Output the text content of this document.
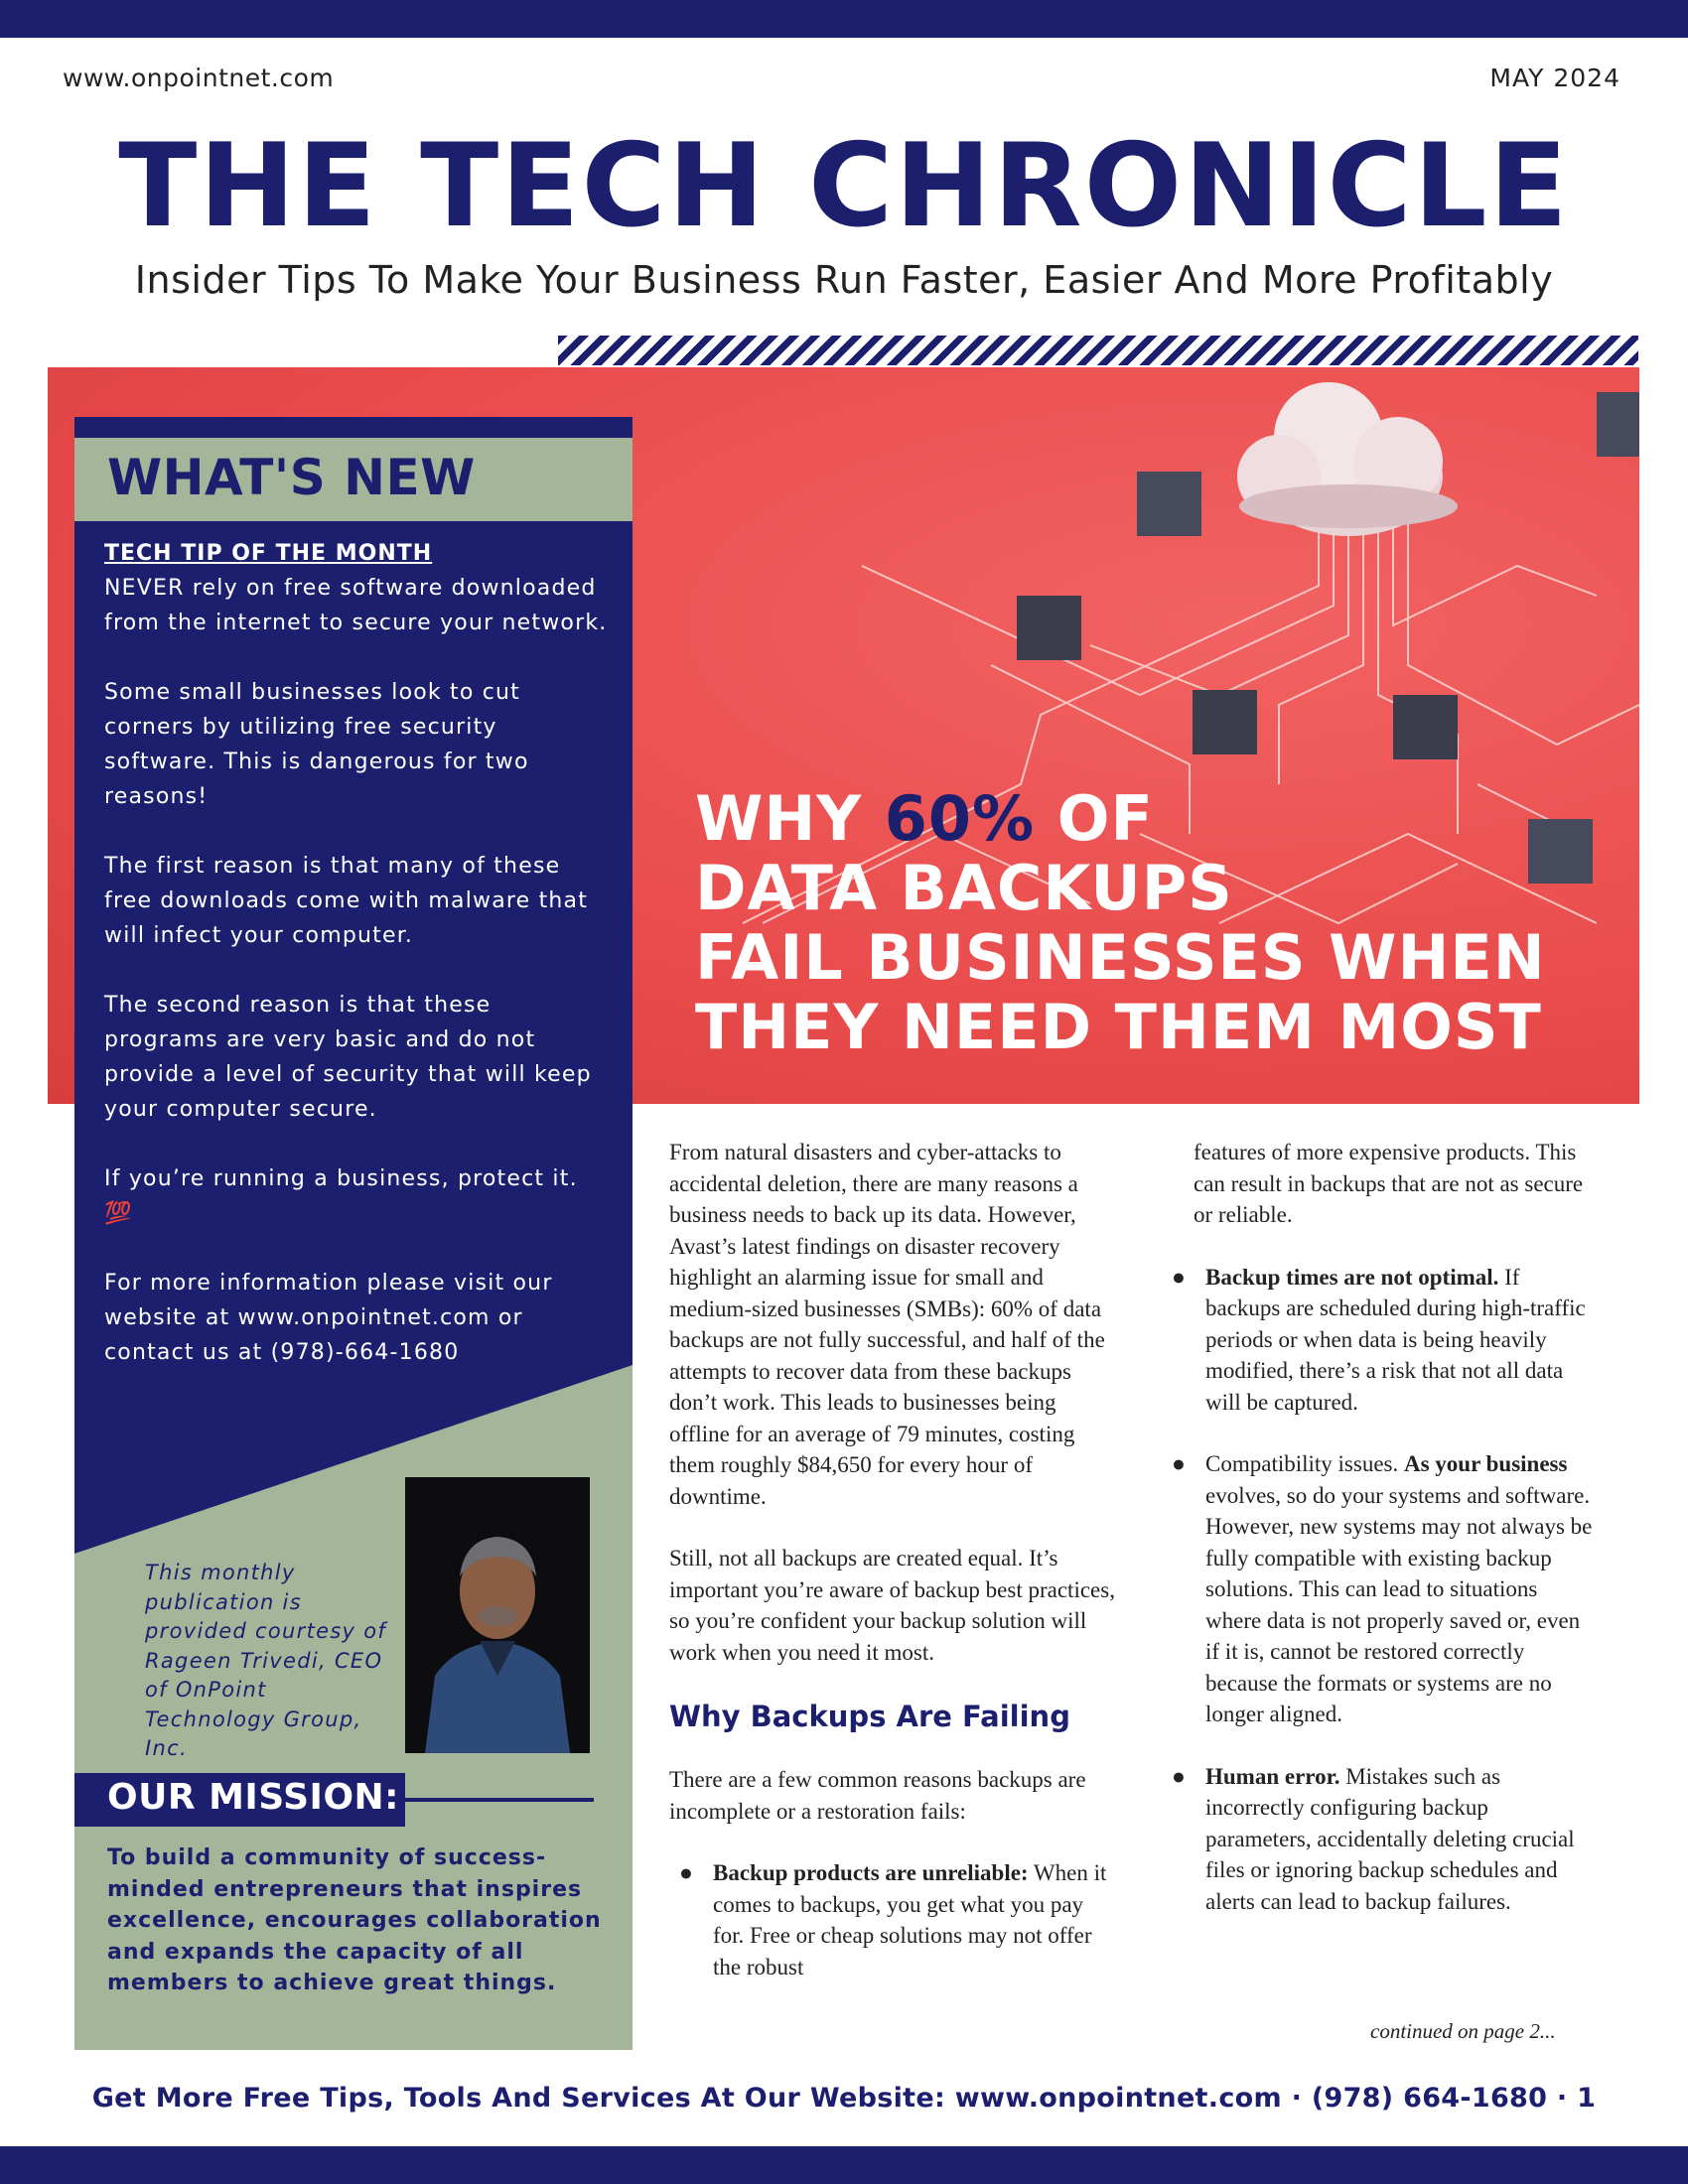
www.onpointnet.com	MAY 2024
THE TECH CHRONICLE
Insider Tips To Make Your Business Run Faster, Easier And More Profitably
WHY 60% OF
DATA BACKUPS
FAIL BUSINESSES WHEN
THEY NEED THEM MOST
WHAT'S NEW
TECH TIP OF THE MONTH

NEVER rely on free software downloaded from the internet to secure your network.

Some small businesses look to cut corners by utilizing free security software. This is dangerous for two reasons!

The first reason is that many of these free downloads come with malware that will infect your computer.

The second reason is that these programs are very basic and do not provide a level of security that will keep your computer secure.

If you’re running a business, protect it. 💯

For more information please visit our website at www.onpointnet.com or contact us at (978)-664-1680

This monthly publication is provided courtesy of Rageen Trivedi, CEO of OnPoint Technology Group, Inc.
OUR MISSION:
To build a community of success-minded entrepreneurs that inspires excellence, encourages collaboration and expands the capacity of all members to achieve great things.

From natural disasters and cyber-attacks to accidental deletion, there are many reasons a business needs to back up its data. However, Avast’s latest findings on disaster recovery highlight an alarming issue for small and medium-sized businesses (SMBs): 60% of data backups are not fully successful, and half of the attempts to recover data from these backups don’t work. This leads to businesses being offline for an average of 79 minutes, costing them roughly $84,650 for every hour of downtime.

Still, not all backups are created equal. It’s important you’re aware of backup best practices, so you’re confident your backup solution will work when you need it most.

Why Backups Are Failing

There are a few common reasons backups are incomplete or a restoration fails:

● Backup products are unreliable: When it comes to backups, you get what you pay for. Free or cheap solutions may not offer the robust
features of more expensive products. This can result in backups that are not as secure or reliable.
● Backup times are not optimal. If backups are scheduled during high-traffic periods or when data is being heavily modified, there’s a risk that not all data will be captured.
● Compatibility issues. As your business evolves, so do your systems and software. However, new systems may not always be fully compatible with existing backup solutions. This can lead to situations where data is not properly saved or, even if it is, cannot be restored correctly because the formats or systems are no longer aligned.
● Human error. Mistakes such as incorrectly configuring backup parameters, accidentally deleting crucial files or ignoring backup schedules and alerts can lead to backup failures.
continued on page 2...
Get More Free Tips, Tools And Services At Our Website: www.onpointnet.com · (978) 664-1680 · 1
